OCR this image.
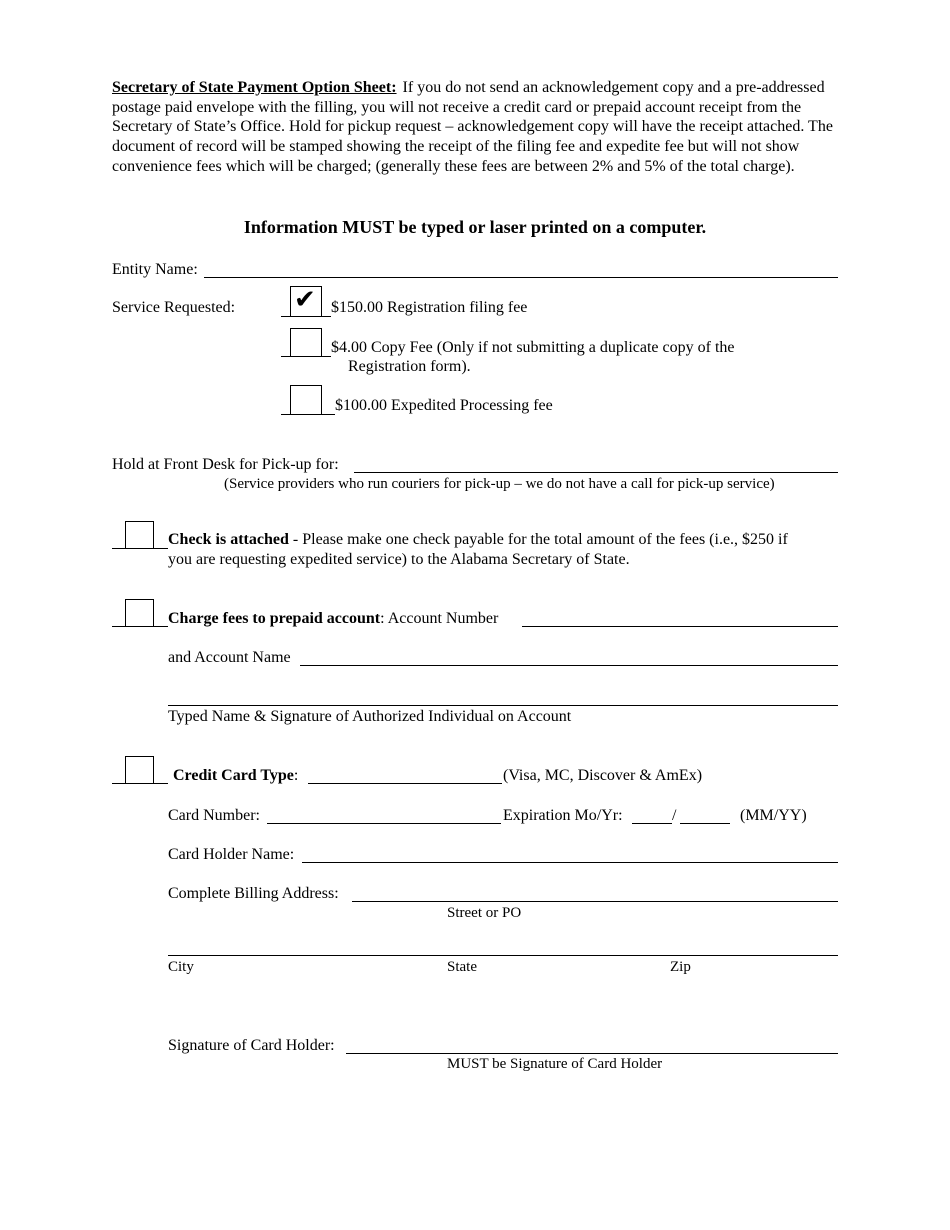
Secretary of State Payment Option Sheet: If you do not send an acknowledgement copy and a pre-addressed postage paid envelope with the filling, you will not receive a credit card or prepaid account receipt from the Secretary of State’s Office. Hold for pickup request – acknowledgement copy will have the receipt attached. The document of record will be stamped showing the receipt of the filing fee and expedite fee but will not show convenience fees which will be charged; (generally these fees are between 2% and 5% of the total charge).
Information MUST be typed or laser printed on a computer.
Entity Name:
Service Requested: ✔ $150.00 Registration filing fee
$4.00 Copy Fee (Only if not submitting a duplicate copy of the
Registration form).
$100.00 Expedited Processing fee
Hold at Front Desk for Pick-up for:
(Service providers who run couriers for pick-up – we do not have a call for pick-up service)
Check is attached - Please make one check payable for the total amount of the fees (i.e., $250 if
you are requesting expedited service) to the Alabama Secretary of State.
Charge fees to prepaid account: Account Number
and Account Name
Typed Name & Signature of Authorized Individual on Account
Credit Card Type:	(Visa, MC, Discover & AmEx)
Card Number:	Expiration Mo/Yr:	/	(MM/YY)
Card Holder Name:
Complete Billing Address:
Street or PO
City	State	Zip
Signature of Card Holder:
MUST be Signature of Card Holder
